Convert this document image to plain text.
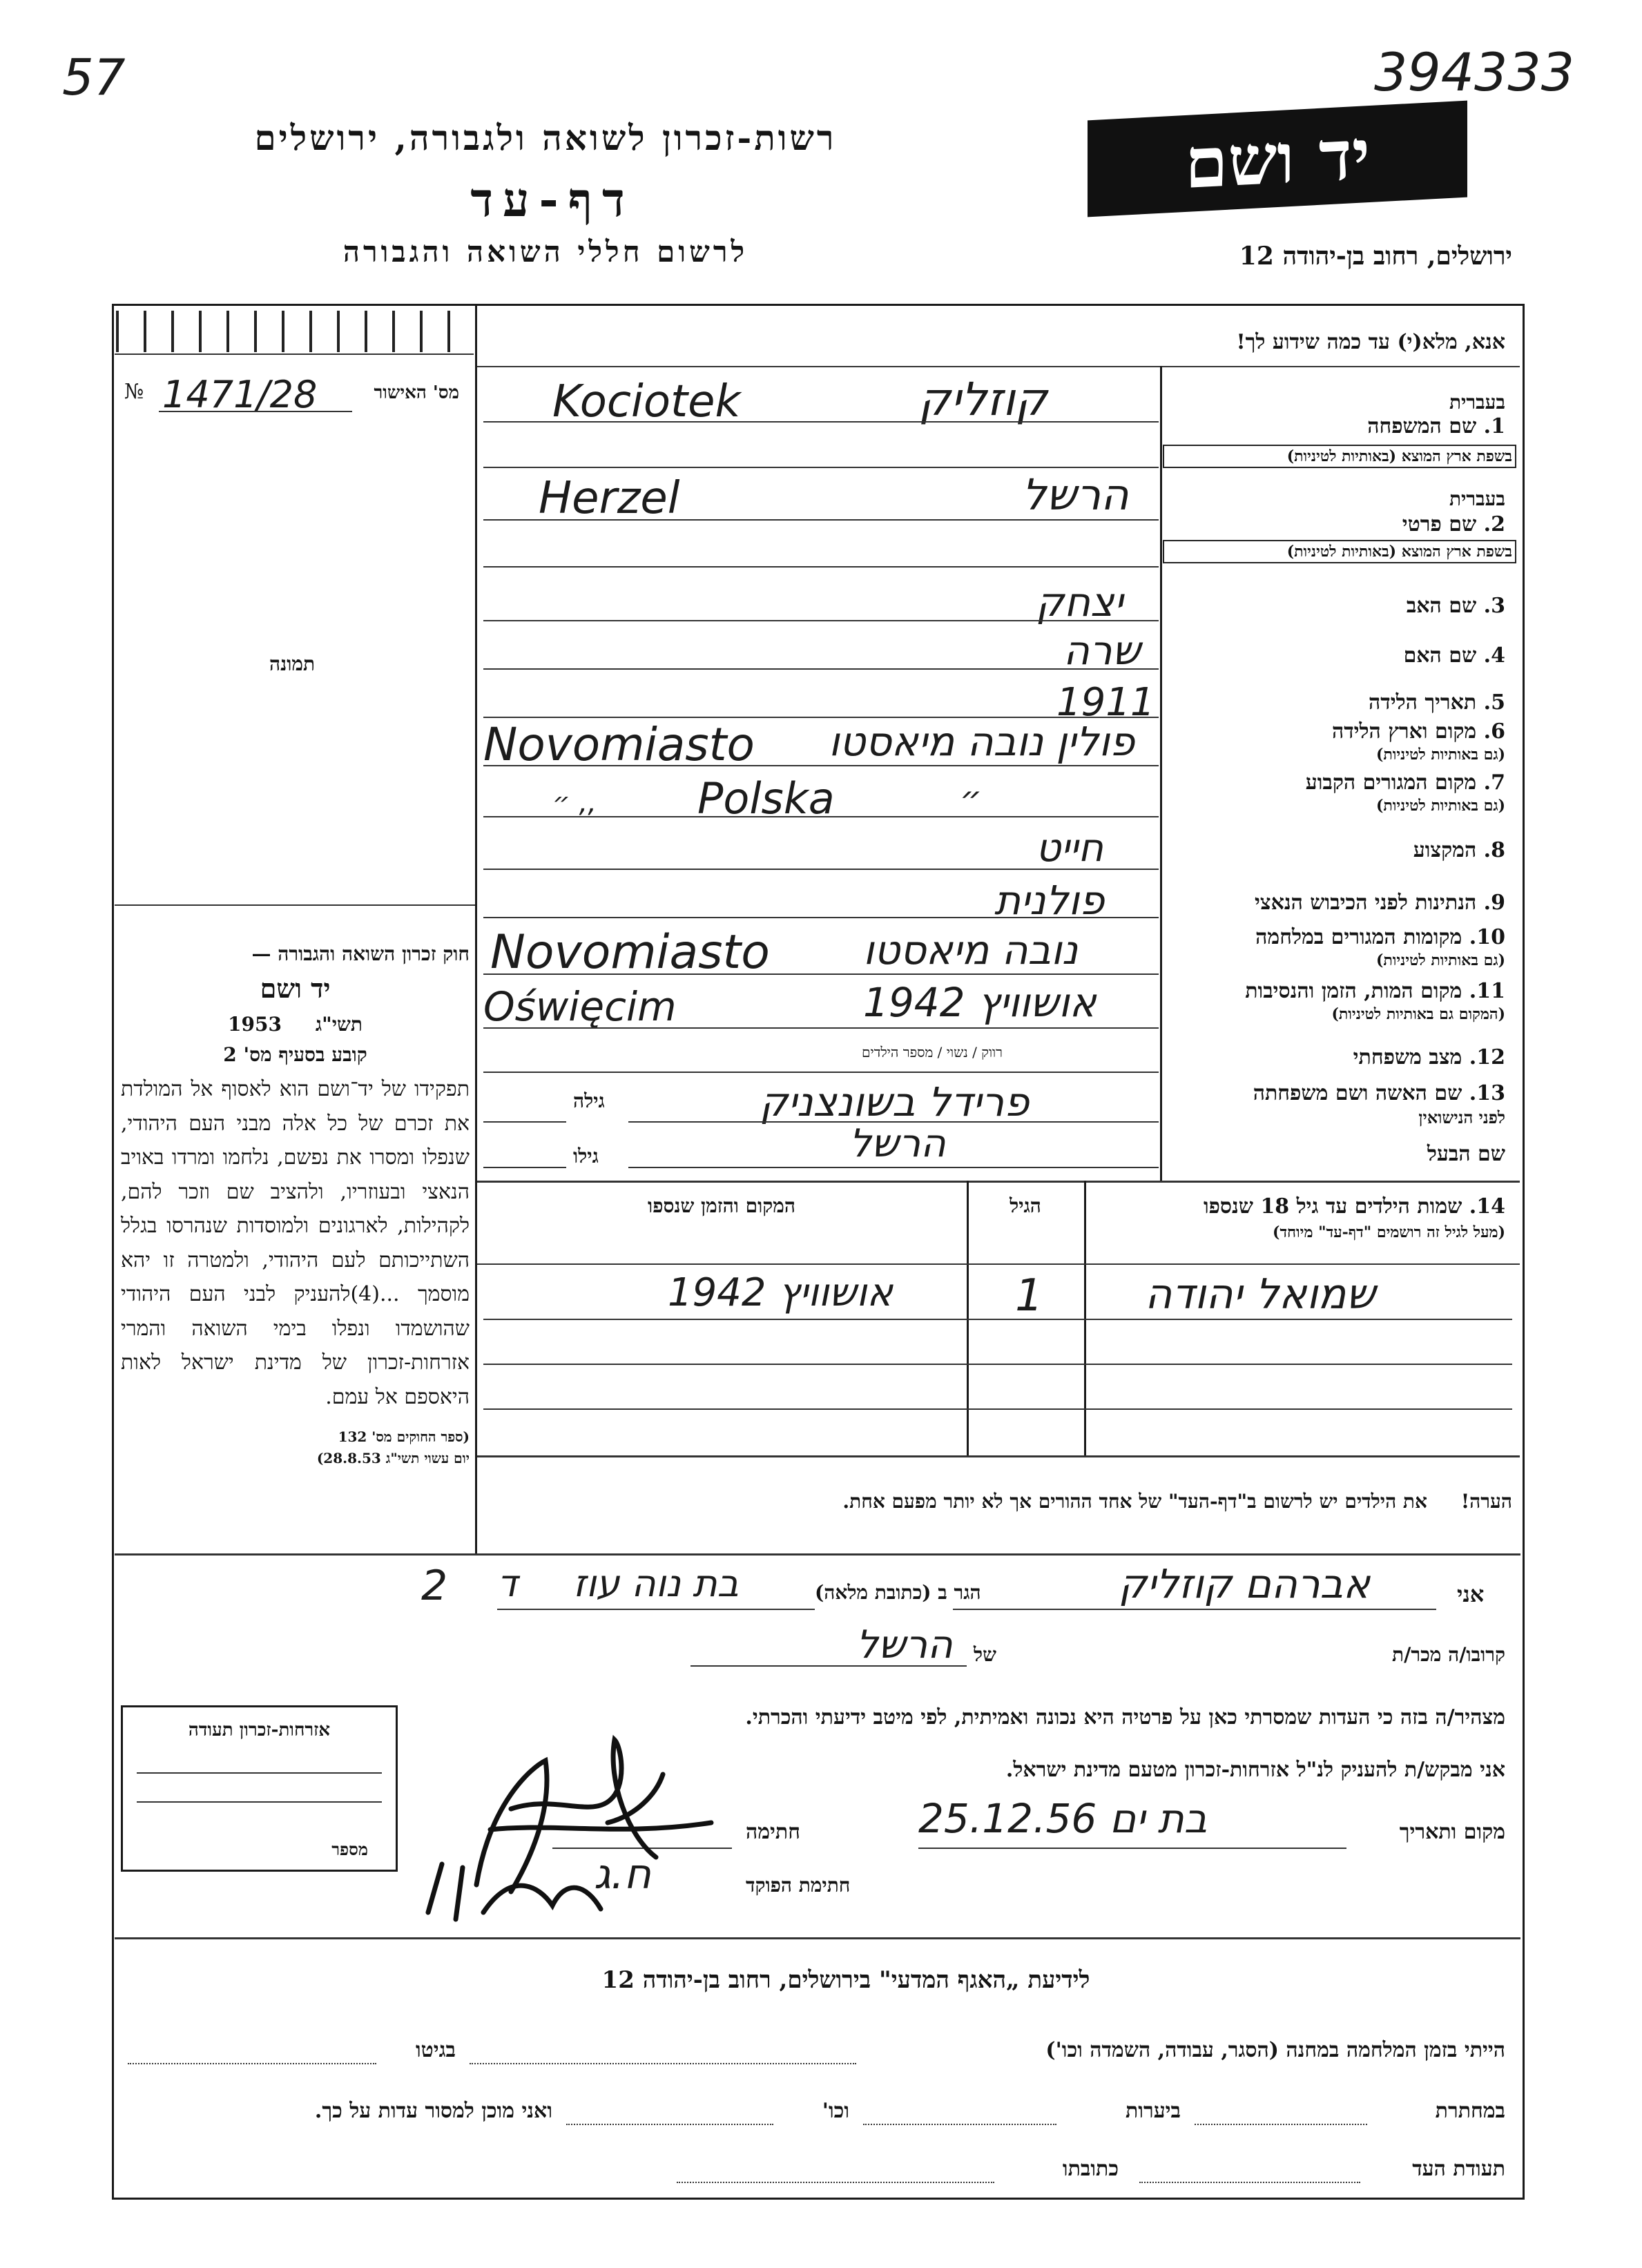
57	394333
רשות-זכרון לשואה ולגבורה, ירושלים
דף-עד
לרשום חללי השואה והגבורה
יד ושם
ירושלים, רחוב בן-יהודה 12
№ 1471/28	מס' האישור
תמונה
חוק זכרון השואה והגבורה —
יד ושם
תשי"ג 1953
קובע בסעיף מס' 2
תפקידו של יד־ושם הוא לאסוף אל המולדת את זכרם של כל אלה מבני העם היהודי, שנפלו ומסרו את נפשם, נלחמו ומרדו באויב הנאצי ובעוזריו, ולהציב שם וזכר להם, לקהילות, לארגונים ולמוסדות שנהרסו בגלל השתייכותם לעם היהודי, ולמטרה זו יהא מוסמך ...(4)להעניק לבני העם היהודי שהושמדו ונפלו בימי השואה והמרי אזרחות-זכרון של מדינת ישראל לאות היאספם אל עמם.
(ספר החוקים מס' 132
יום עשוי תשי"ג 28.8.53)
אנא, מלא(י) עד כמה שידוע לך!
בעברית
1. שם המשפחה
בשפת ארץ המוצא (באותיות לטיניות)
קוזליק
Kociotek
בעברית
2. שם פרטי
בשפת ארץ המוצא (באותיות לטיניות)
הרשל
Herzel
3. שם האב
יצחק
4. שם האם
שרה
5. תאריך הלידה
1911
6. מקום וארץ הלידה
(גם באותיות לטיניות)
פולין נובה מיאסטו
Novomiasto
7. מקום המגורים הקבוע
(גם באותיות לטיניות)
״
Polska
״ ,,
8. המקצוע
חייט
9. הנתינות לפני הכיבוש הנאצי
פולנית
10. מקומות המגורים במלחמה
(גם באותיות לטיניות)
נובה מיאסטו
Novomiasto
11. מקום המות, הזמן והנסיבות
(המקום גם באותיות לטיניות)
אושוויץ 1942
Oświęcim
12. מצב משפחתי
רווק / נשוי / מספר הילדים
13. שם האשה ושם משפחתה
לפני הנישואין
פרידל בשונצניק
גילה
שם הבעל
הרשל
גילו
14. שמות הילדים עד גיל 18 שנספו
(מעל לגיל זה רושמים "דף-עד" מיוחד)
הגיל
המקום והזמן שנספו
שמואל יהודה
1
אושוויץ 1942
הערה! את הילדים יש לרשום ב"דף-העד" של אחד ההורים אך לא יותר מפעם אחת.
אני
אברהם קוזליק
הגר ב (כתובת מלאה)
בת נוה עוז
ד
2
קרובו/ה מכר/ת
של
הרשל
מצהיר/ה בזה כי העדות שמסרתי כאן על פרטיה היא נכונה ואמיתית, לפי מיטב ידיעתי והכרתי.
אזרחות-זכרון תעודה
מספר
אני מבקש/ת להעניק לנ"ל אזרחות-זכרון מטעם מדינת ישראל.
מקום ותאריך
בת ים 25.12.56
חתימה
חתימת הפוקד
ח.ג
לידיעת „האגף המדעי" בירושלים, רחוב בן-יהודה 12
הייתי בזמן המלחמה במחנה (הסגר, עבודה, השמדה וכו')
בגיטו
במחתרת
ביערות
וכו'
ואני מוכן למסור עדות על כך.
תעודת העד
כתובתו
